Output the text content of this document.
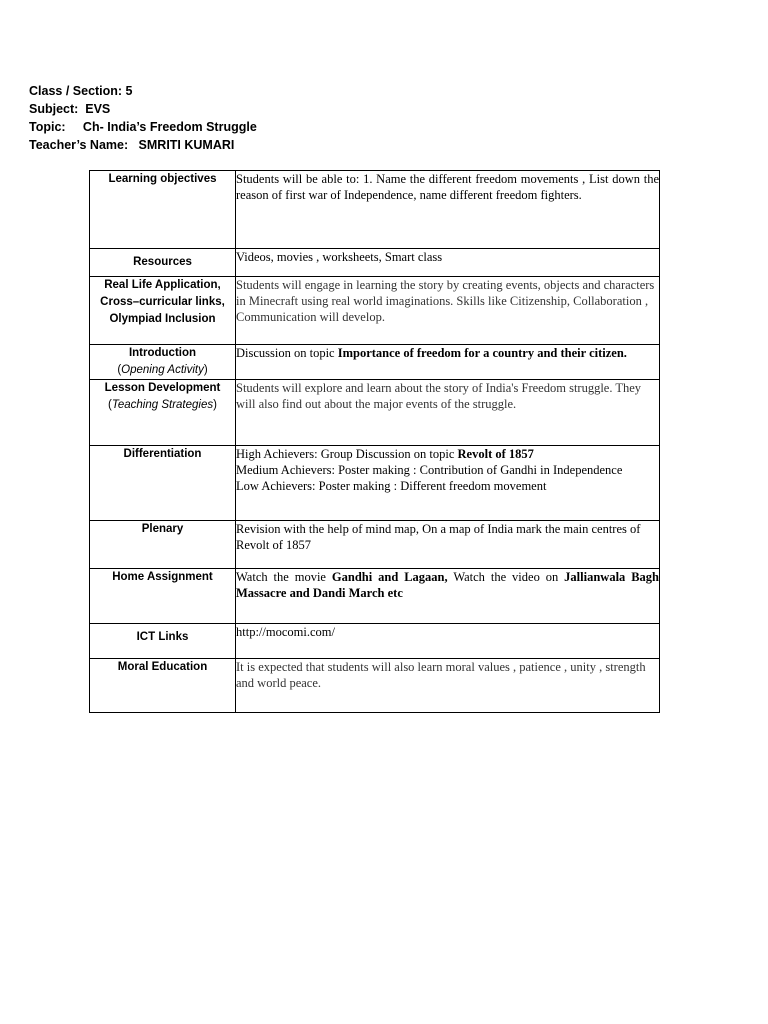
Class / Section: 5
Subject:  EVS
Topic:     Ch- India’s Freedom Struggle
Teacher’s Name:   SMRITI KUMARI
Learning objectives	Students will be able to: 1. Name the different freedom movements , List down the reason of first war of Independence, name different freedom fighters.
Resources	Videos, movies , worksheets, Smart class
Real Life Application, Cross–curricular links, Olympiad Inclusion	Students will engage in learning the story by creating events, objects and characters in Minecraft using real world imaginations. Skills like Citizenship, Collaboration , Communication will develop.

Introduction
(Opening Activity)	Discussion on topic Importance of freedom for a country and their citizen.

Lesson Development
(Teaching Strategies)	Students will explore and learn about the story of India's Freedom struggle. They will also find out about the major events of the struggle.
Differentiation	High Achievers: Group Discussion on topic Revolt of 1857
Medium Achievers: Poster making : Contribution of Gandhi in Independence
Low Achievers: Poster making : Different freedom movement

Plenary	Revision with the help of mind map, On a map of India mark the main centres of Revolt of 1857
Home Assignment	Watch the movie Gandhi and Lagaan, Watch the video on Jallianwala Bagh Massacre and Dandi March etc
ICT Links	http://mocomi.com/
Moral Education	It is expected that students will also learn moral values , patience , unity , strength and world peace.
